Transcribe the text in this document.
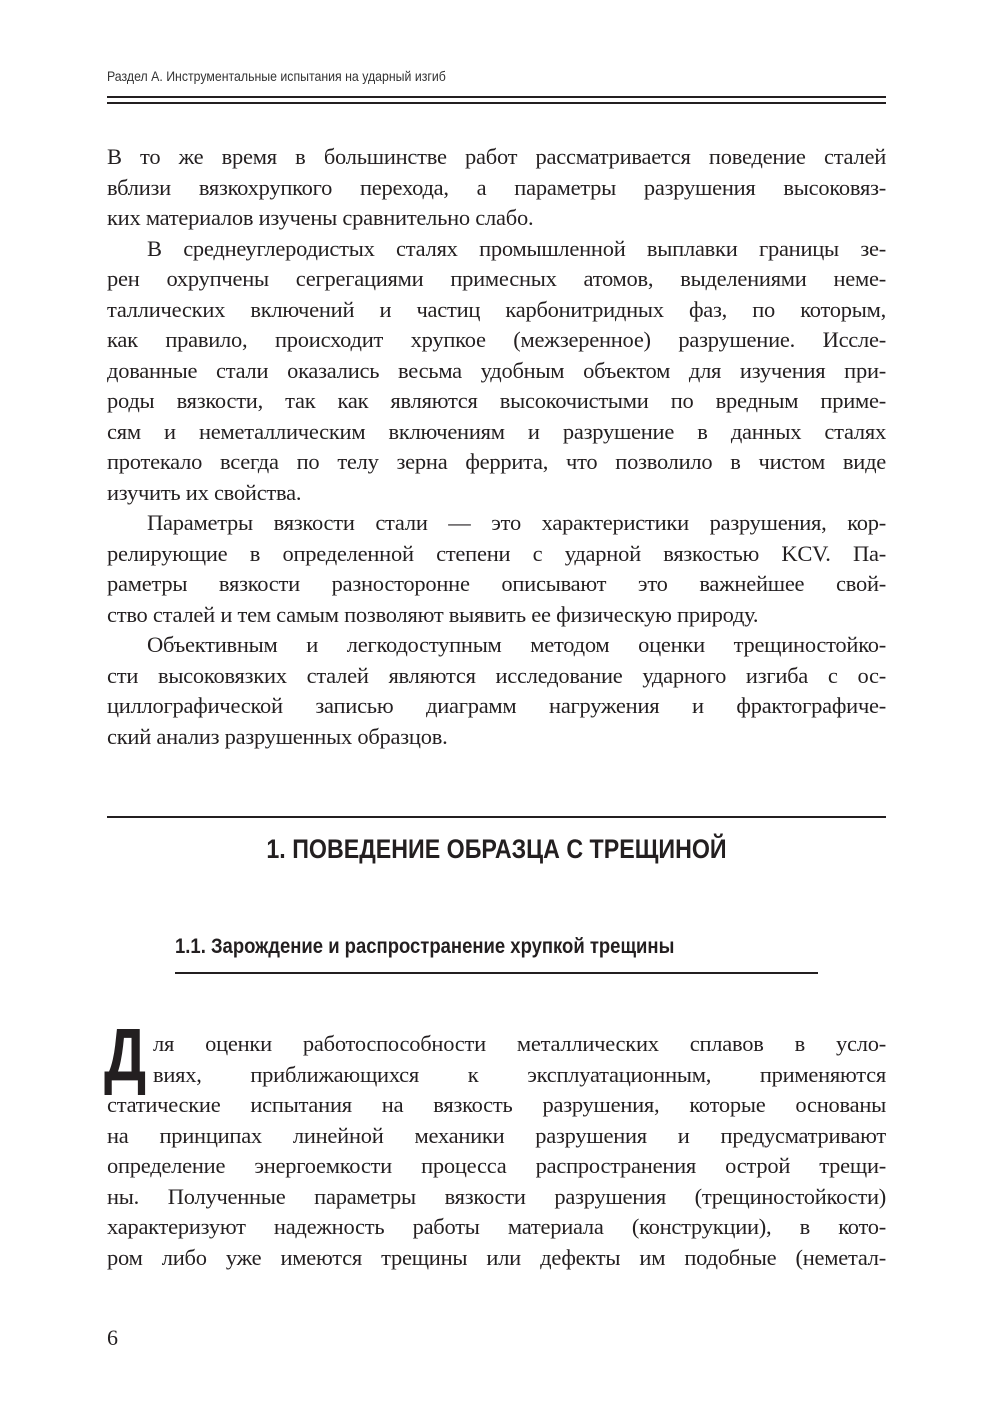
Раздел А. Инструментальные испытания на ударный изгиб
В то же время в большинстве работ рассматривается поведение сталей
вблизи вязкохрупкого перехода, а параметры разрушения высоковяз-
ких материалов изучены сравнительно слабо.
В среднеуглеродистых сталях промышленной выплавки границы зе-
рен охрупчены сегрегациями примесных атомов, выделениями неме-
таллических включений и частиц карбонитридных фаз, по которым,
как правило, происходит хрупкое (межзеренное) разрушение. Иссле-
дованные стали оказались весьма удобным объектом для изучения при-
роды вязкости, так как являются высокочистыми по вредным приме-
сям и неметаллическим включениям и разрушение в данных сталях
протекало всегда по телу зерна феррита, что позволило в чистом виде
изучить их свойства.
Параметры вязкости стали — это характеристики разрушения, кор-
релирующие в определенной степени с ударной вязкостью KCV. Па-
раметры вязкости разносторонне описывают это важнейшее свой-
ство сталей и тем самым позволяют выявить ее физическую природу.
Объективным и легкодоступным методом оценки трещиностойко-
сти высоковязких сталей являются исследование ударного изгиба с ос-
циллографической записью диаграмм нагружения и фрактографиче-
ский анализ разрушенных образцов.
1. ПОВЕДЕНИЕ ОБРАЗЦА С ТРЕЩИНОЙ
1.1. Зарождение и распространение хрупкой трещины
Д ля оценки работоспособности металлических сплавов в усло-
виях, приближающихся к эксплуатационным, применяются
статические испытания на вязкость разрушения, которые основаны
на принципах линейной механики разрушения и предусматривают
определение энергоемкости процесса распространения острой трещи-
ны. Полученные параметры вязкости разрушения (трещиностойкости)
характеризуют надежность работы материала (конструкции), в кото-
ром либо уже имеются трещины или дефекты им подобные (неметал-
6
